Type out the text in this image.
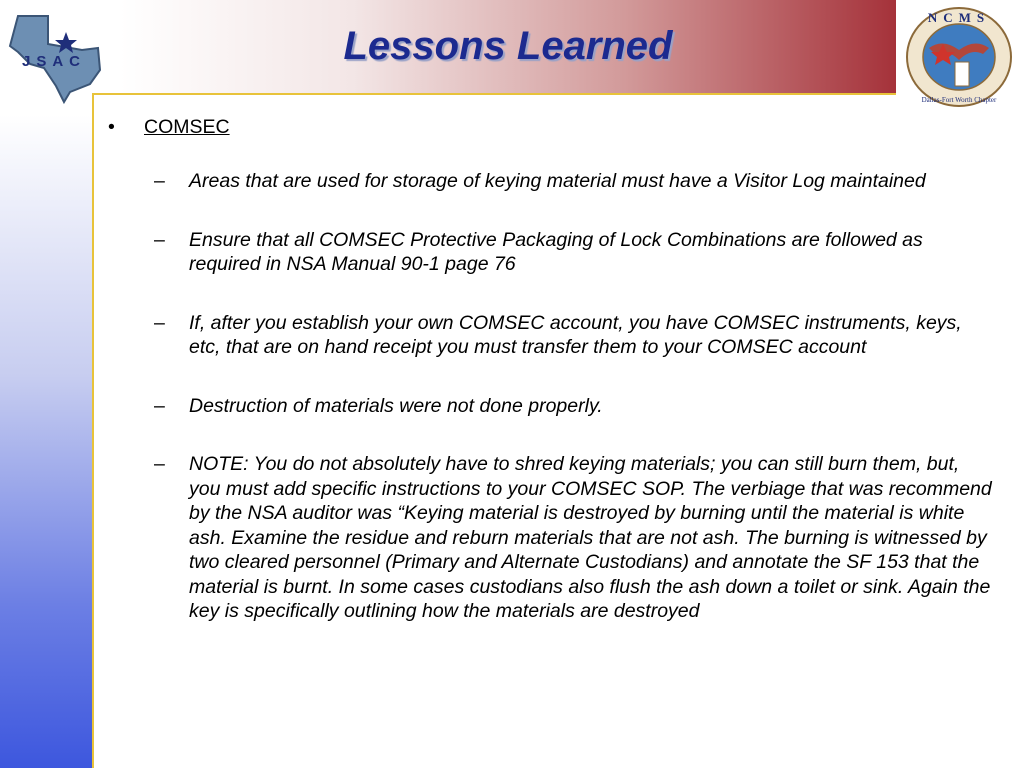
JSAC
NCMS
Dallas-Fort Worth Chapter
Lessons Learned
•	COMSEC
–	Areas that are used for storage of keying material must have a Visitor Log maintained
–	Ensure that all COMSEC Protective Packaging of Lock Combinations are followed as required in NSA Manual 90-1 page 76
–	If, after you establish your own COMSEC account, you have COMSEC instruments, keys, etc, that are on hand receipt you must transfer them to your COMSEC account
–	Destruction of materials were not done properly.
–	NOTE: You do not absolutely have to shred keying materials; you can still burn them, but, you must add specific instructions to your COMSEC SOP. The verbiage that was recommend by the NSA auditor was “Keying material is destroyed by burning until the material is white ash. Examine the residue and reburn materials that are not ash. The burning is witnessed by two cleared personnel (Primary and Alternate Custodians) and annotate the SF 153 that the material is burnt. In some cases custodians also flush the ash down a toilet or sink. Again the key is specifically outlining how the materials are destroyed
